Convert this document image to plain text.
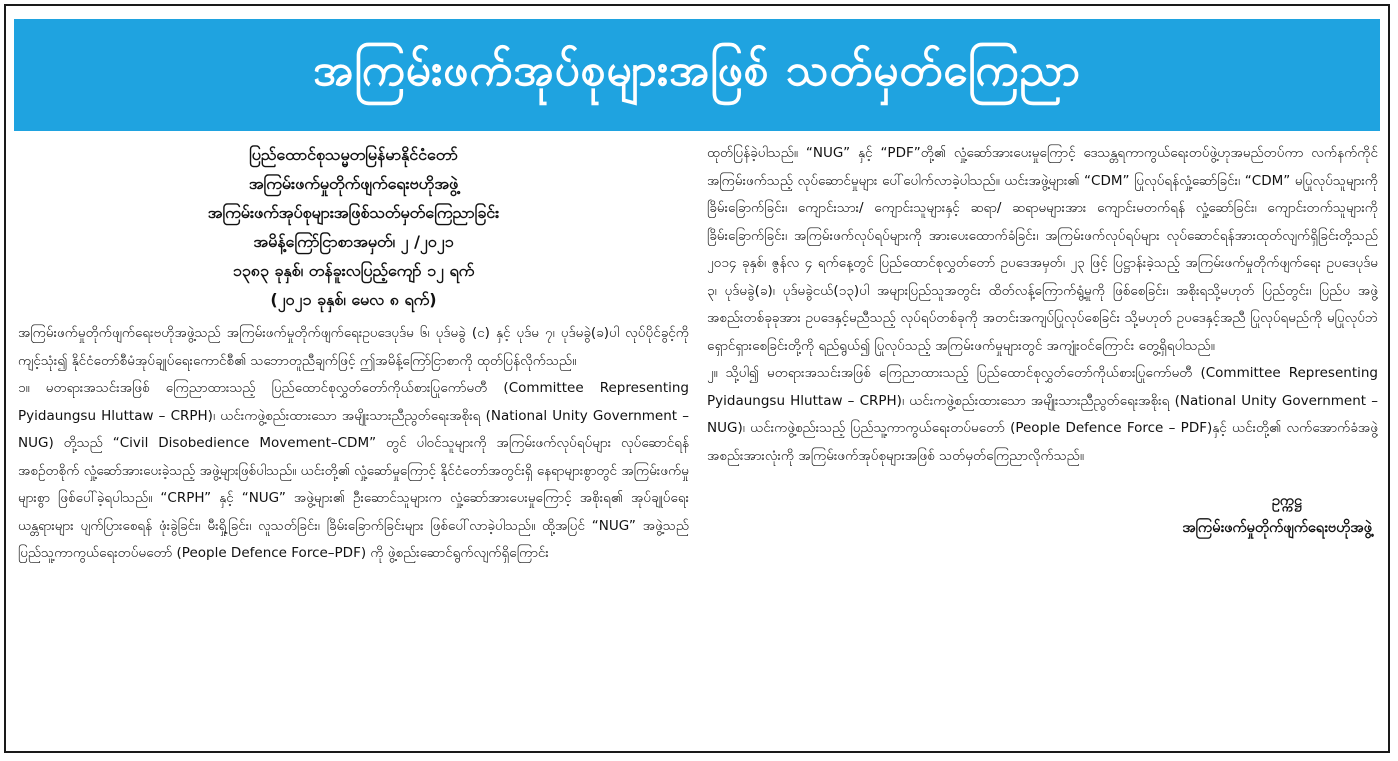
အကြမ်းဖက်အုပ်စုများအဖြစ် သတ်မှတ်ကြေညာ
ပြည်ထောင်စုသမ္မတမြန်မာနိုင်ငံတော်
အကြမ်းဖက်မှုတိုက်ဖျက်ရေးဗဟိုအဖွဲ့
အကြမ်းဖက်အုပ်စုများအဖြစ်သတ်မှတ်ကြေညာခြင်း
အမိန့်ကြော်ငြာစာအမှတ်၊ ၂ /၂၀၂၁
၁၃၈၃ ခုနှစ်၊ တန်ခူးလပြည့်ကျော် ၁၂ ရက်
(၂၀၂၁ ခုနှစ်၊ မေလ ၈ ရက်)

အကြမ်းဖက်မှုတိုက်ဖျက်ရေးဗဟိုအဖွဲ့သည် အကြမ်းဖက်မှုတိုက်ဖျက်ရေးဥပဒေပုဒ်မ ၆၊ ပုဒ်မခွဲ (င) နှင့် ပုဒ်မ ၇၊ ပုဒ်မခွဲ(ခ)ပါ လုပ်ပိုင်ခွင့်ကိုကျင့်သုံး၍ နိုင်ငံတော်စီမံအုပ်ချုပ်ရေးကောင်စီ၏ သဘောတူညီချက်ဖြင့် ဤအမိန့်ကြော်ငြာစာကို ထုတ်ပြန်လိုက်သည်။

၁။ မတရားအသင်းအဖြစ် ကြေညာထားသည့် ပြည်ထောင်စုလွှတ်တော်ကိုယ်စားပြုကော်မတီ (Committee Representing Pyidaungsu Hluttaw – CRPH)၊ ယင်းကဖွဲ့စည်းထားသော အမျိုးသားညီညွတ်ရေးအစိုးရ (National Unity Government – NUG) တို့သည် “Civil Disobedience Movement–CDM” တွင် ပါဝင်သူများကို အကြမ်းဖက်လုပ်ရပ်များ လုပ်ဆောင်ရန် အစဉ်တစိုက် လှုံ့ဆော်အားပေးခဲ့သည့် အဖွဲ့များဖြစ်ပါသည်။ ယင်းတို့၏ လှုံ့ဆော်မှုကြောင့် နိုင်ငံတော်အတွင်းရှိ နေရာများစွာတွင် အကြမ်းဖက်မှုများစွာ ဖြစ်ပေါ်ခဲ့ရပါသည်။ “CRPH” နှင့် “NUG” အဖွဲ့များ၏ ဦးဆောင်သူများက လှုံ့ဆော်အားပေးမှုကြောင့် အစိုးရ၏ အုပ်ချုပ်ရေးယန္တရားများ ပျက်ပြားစေရန် ဖုံးခွဲခြင်း၊ မီးရှို့ခြင်း၊ လူသတ်ခြင်း၊ ခြိမ်းခြောက်ခြင်းများ ဖြစ်ပေါ်လာခဲ့ပါသည်။ ထို့အပြင် “NUG” အဖွဲ့သည် ပြည်သူ့ကာကွယ်ရေးတပ်မတော် (People Defence Force–PDF) ကို ဖွဲ့စည်းဆောင်ရွက်လျက်ရှိကြောင်း

ထုတ်ပြန်ခဲ့ပါသည်။ “NUG” နှင့် “PDF”တို့၏ လှုံ့ဆော်အားပေးမှုကြောင့် ဒေသန္တရကာကွယ်ရေးတပ်ဖွဲ့ဟုအမည်တပ်ကာ လက်နက်ကိုင်အကြမ်းဖက်သည့် လုပ်ဆောင်မှုများ ပေါ်ပေါက်လာခဲ့ပါသည်။ ယင်းအဖွဲ့များ၏ “CDM” ပြုလုပ်ရန်လှုံ့ဆော်ခြင်း၊ “CDM” မပြုလုပ်သူများကို ခြိမ်းခြောက်ခြင်း၊ ကျောင်းသား/ ကျောင်းသူများနှင့် ဆရာ/ ဆရာမများအား ကျောင်းမတက်ရန် လှုံ့ဆော်ခြင်း၊ ကျောင်းတက်သူများကို ခြိမ်းခြောက်ခြင်း၊ အကြမ်းဖက်လုပ်ရပ်များကို အားပေးထောက်ခံခြင်း၊ အကြမ်းဖက်လုပ်ရပ်များ လုပ်ဆောင်ရန်အားထုတ်လျက်ရှိခြင်းတို့သည် ၂၀၁၄ ခုနှစ်၊ ဇွန်လ ၄ ရက်နေ့တွင် ပြည်ထောင်စုလွှတ်တော် ဥပဒေအမှတ်၊ ၂၃ ဖြင့် ပြဋ္ဌာန်းခဲ့သည့် အကြမ်းဖက်မှုတိုက်ဖျက်ရေး ဥပဒေပုဒ်မ ၃၊ ပုဒ်မခွဲ(ခ)၊ ပုဒ်မခွဲငယ်(၁၃)ပါ အများပြည်သူအတွင်း ထိတ်လန့်ကြောက်ရွံ့မှုကို ဖြစ်စေခြင်း၊ အစိုးရသို့မဟုတ် ပြည်တွင်း၊ ပြည်ပ အဖွဲ့အစည်းတစ်ခုခုအား ဥပဒေနှင့်မညီသည့် လုပ်ရပ်တစ်ခုကို အတင်းအကျပ်ပြုလုပ်စေခြင်း သို့မဟုတ် ဥပဒေနှင့်အညီ ပြုလုပ်ရမည်ကို မပြုလုပ်ဘဲ ရှောင်ရှားစေခြင်းတို့ကို ရည်ရွယ်၍ ပြုလုပ်သည့် အကြမ်းဖက်မှုများတွင် အကျုံးဝင်ကြောင်း တွေ့ရှိရပါသည်။

၂။ သို့ပါ၍ မတရားအသင်းအဖြစ် ကြေညာထားသည့် ပြည်ထောင်စုလွှတ်တော်ကိုယ်စားပြုကော်မတီ (Committee Representing Pyidaungsu Hluttaw – CRPH)၊ ယင်းကဖွဲ့စည်းထားသော အမျိုးသားညီညွတ်ရေးအစိုးရ (National Unity Government – NUG)၊ ယင်းကဖွဲ့စည်းသည့် ပြည်သူ့ကာကွယ်ရေးတပ်မတော် (People Defence Force – PDF)နှင့် ယင်းတို့၏ လက်အောက်ခံအဖွဲ့အစည်းအားလုံးကို အကြမ်းဖက်အုပ်စုများအဖြစ် သတ်မှတ်ကြေညာလိုက်သည်။

ဥက္ကဋ္ဌ
အကြမ်းဖက်မှုတိုက်ဖျက်ရေးဗဟိုအဖွဲ့
